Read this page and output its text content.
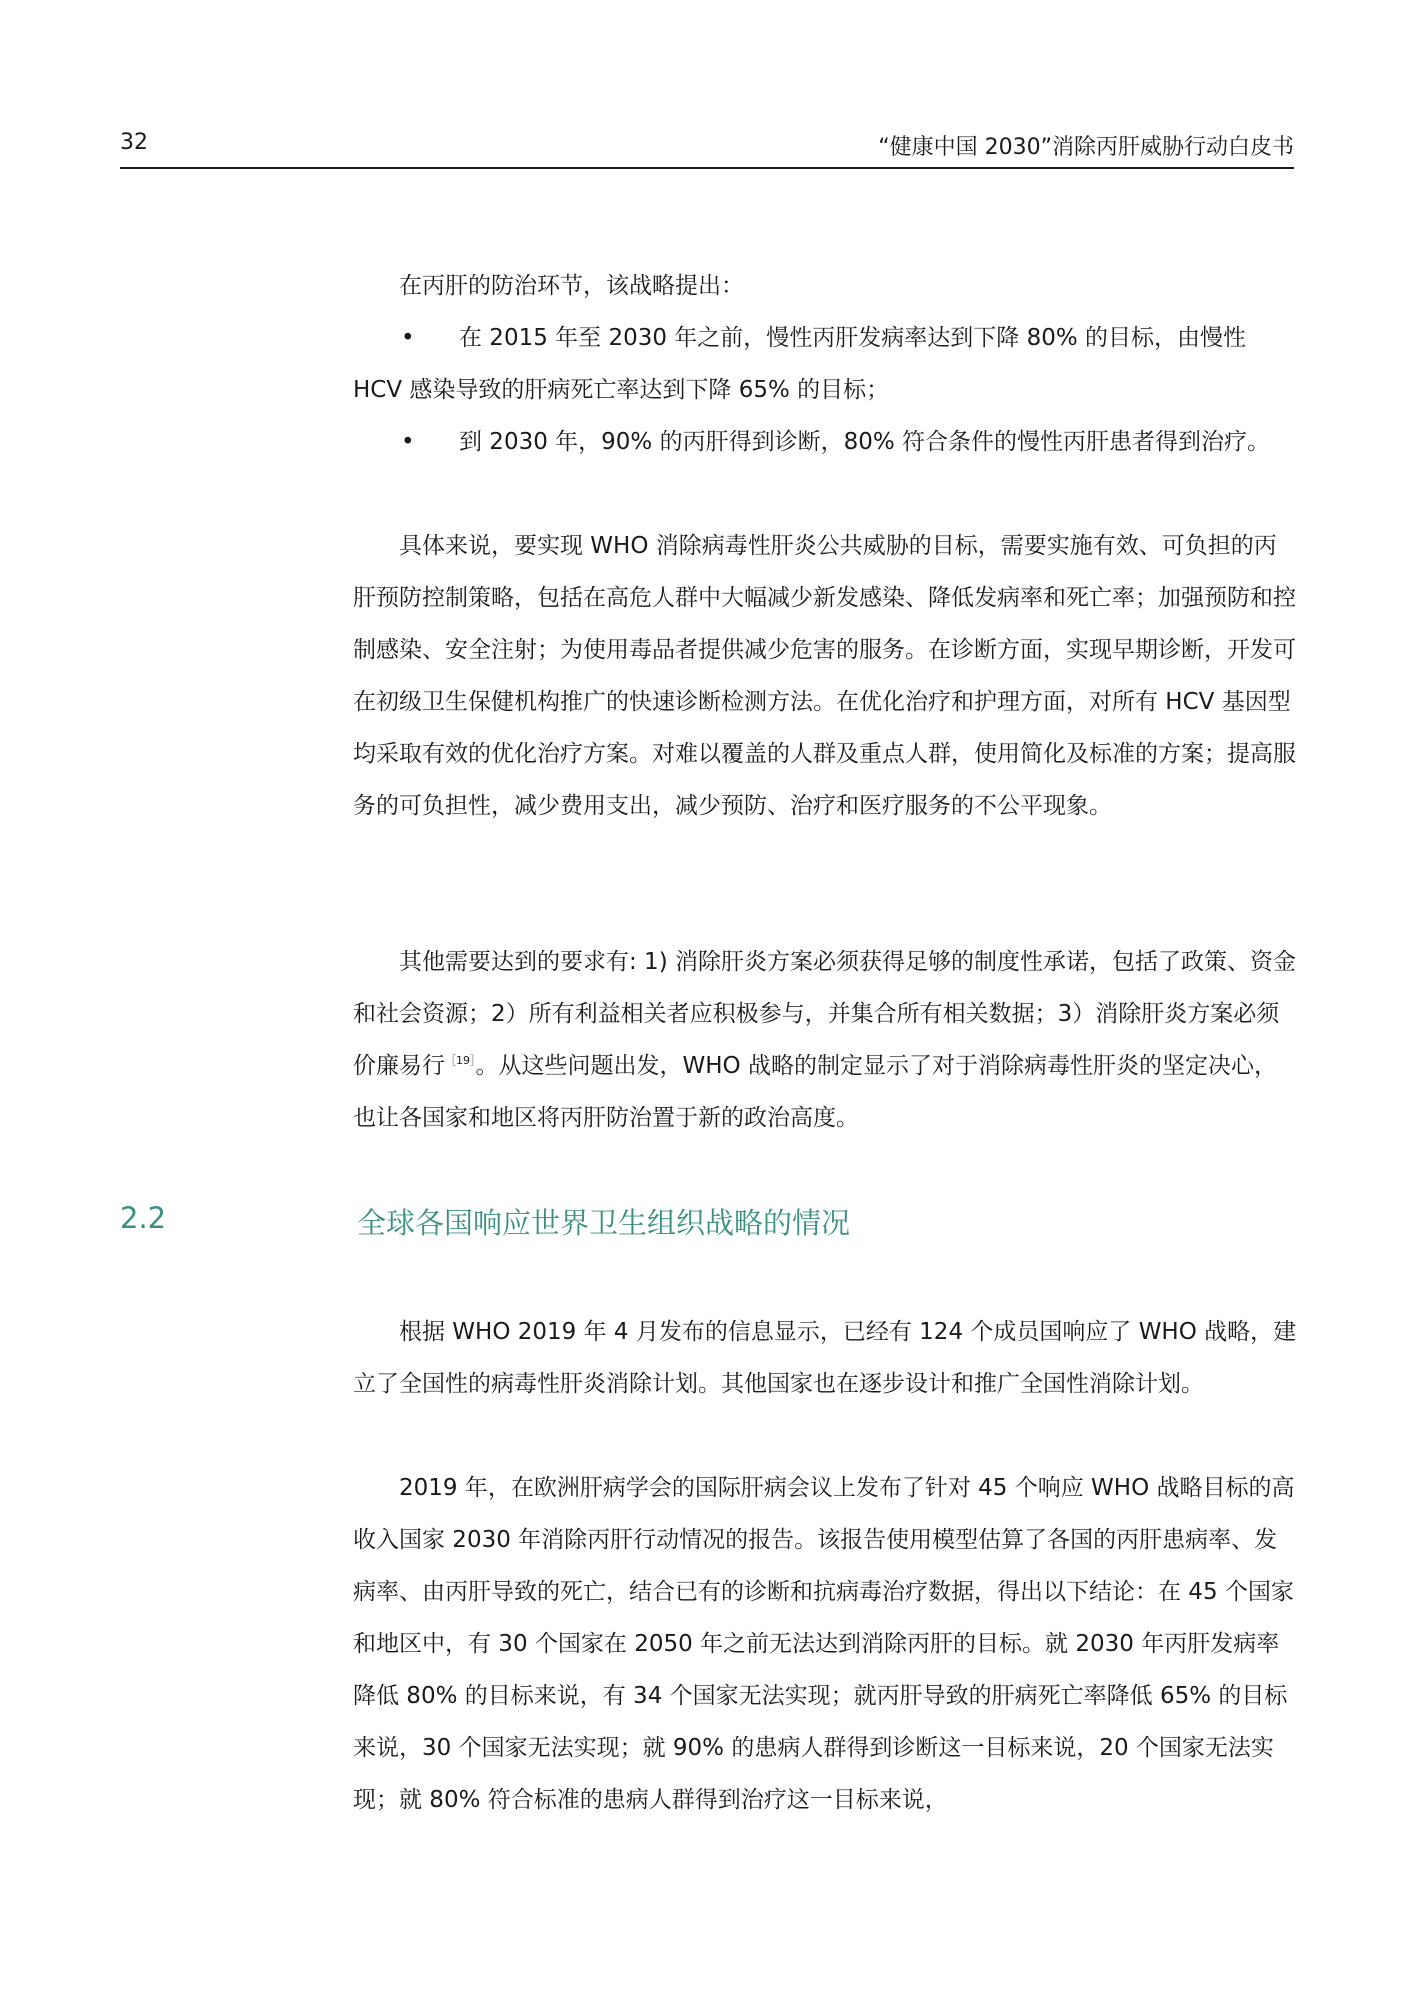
32	“健康中国 2030”消除丙肝威胁行动白皮书

在丙肝的防治环节，该战略提出：

•	在 2015 年至 2030 年之前，慢性丙肝发病率达到下降 80% 的目标，由慢性 HCV 感染导致的肝病死亡率达到下降 65% 的目标；

•	到 2030 年，90% 的丙肝得到诊断，80% 符合条件的慢性丙肝患者得到治疗。

具体来说，要实现 WHO 消除病毒性肝炎公共威胁的目标，需要实施有效、可负担的丙肝预防控制策略，包括在高危人群中大幅减少新发感染、降低发病率和死亡率；加强预防和控制感染、安全注射；为使用毒品者提供减少危害的服务。在诊断方面，实现早期诊断，开发可在初级卫生保健机构推广的快速诊断检测方法。在优化治疗和护理方面，对所有 HCV 基因型均采取有效的优化治疗方案。对难以覆盖的人群及重点人群，使用简化及标准的方案；提高服务的可负担性，减少费用支出，减少预防、治疗和医疗服务的不公平现象。

其他需要达到的要求有: 1) 消除肝炎方案必须获得足够的制度性承诺，包括了政策、资金和社会资源；2）所有利益相关者应积极参与，并集合所有相关数据；3）消除肝炎方案必须价廉易行$^{[19]}$。从这些问题出发，WHO 战略的制定显示了对于消除病毒性肝炎的坚定决心，也让各国家和地区将丙肝防治置于新的政治高度。

2.2	全球各国响应世界卫生组织战略的情况

根据 WHO 2019 年 4 月发布的信息显示，已经有 124 个成员国响应了 WHO 战略，建立了全国性的病毒性肝炎消除计划。其他国家也在逐步设计和推广全国性消除计划。

2019 年，在欧洲肝病学会的国际肝病会议上发布了针对 45 个响应 WHO 战略目标的高收入国家 2030 年消除丙肝行动情况的报告。该报告使用模型估算了各国的丙肝患病率、发病率、由丙肝导致的死亡，结合已有的诊断和抗病毒治疗数据，得出以下结论：在 45 个国家和地区中，有 30 个国家在 2050 年之前无法达到消除丙肝的目标。就 2030 年丙肝发病率降低 80% 的目标来说，有 34 个国家无法实现；就丙肝导致的肝病死亡率降低 65% 的目标来说，30 个国家无法实现；就 90% 的患病人群得到诊断这一目标来说，20 个国家无法实现；就 80% 符合标准的患病人群得到治疗这一目标来说，
